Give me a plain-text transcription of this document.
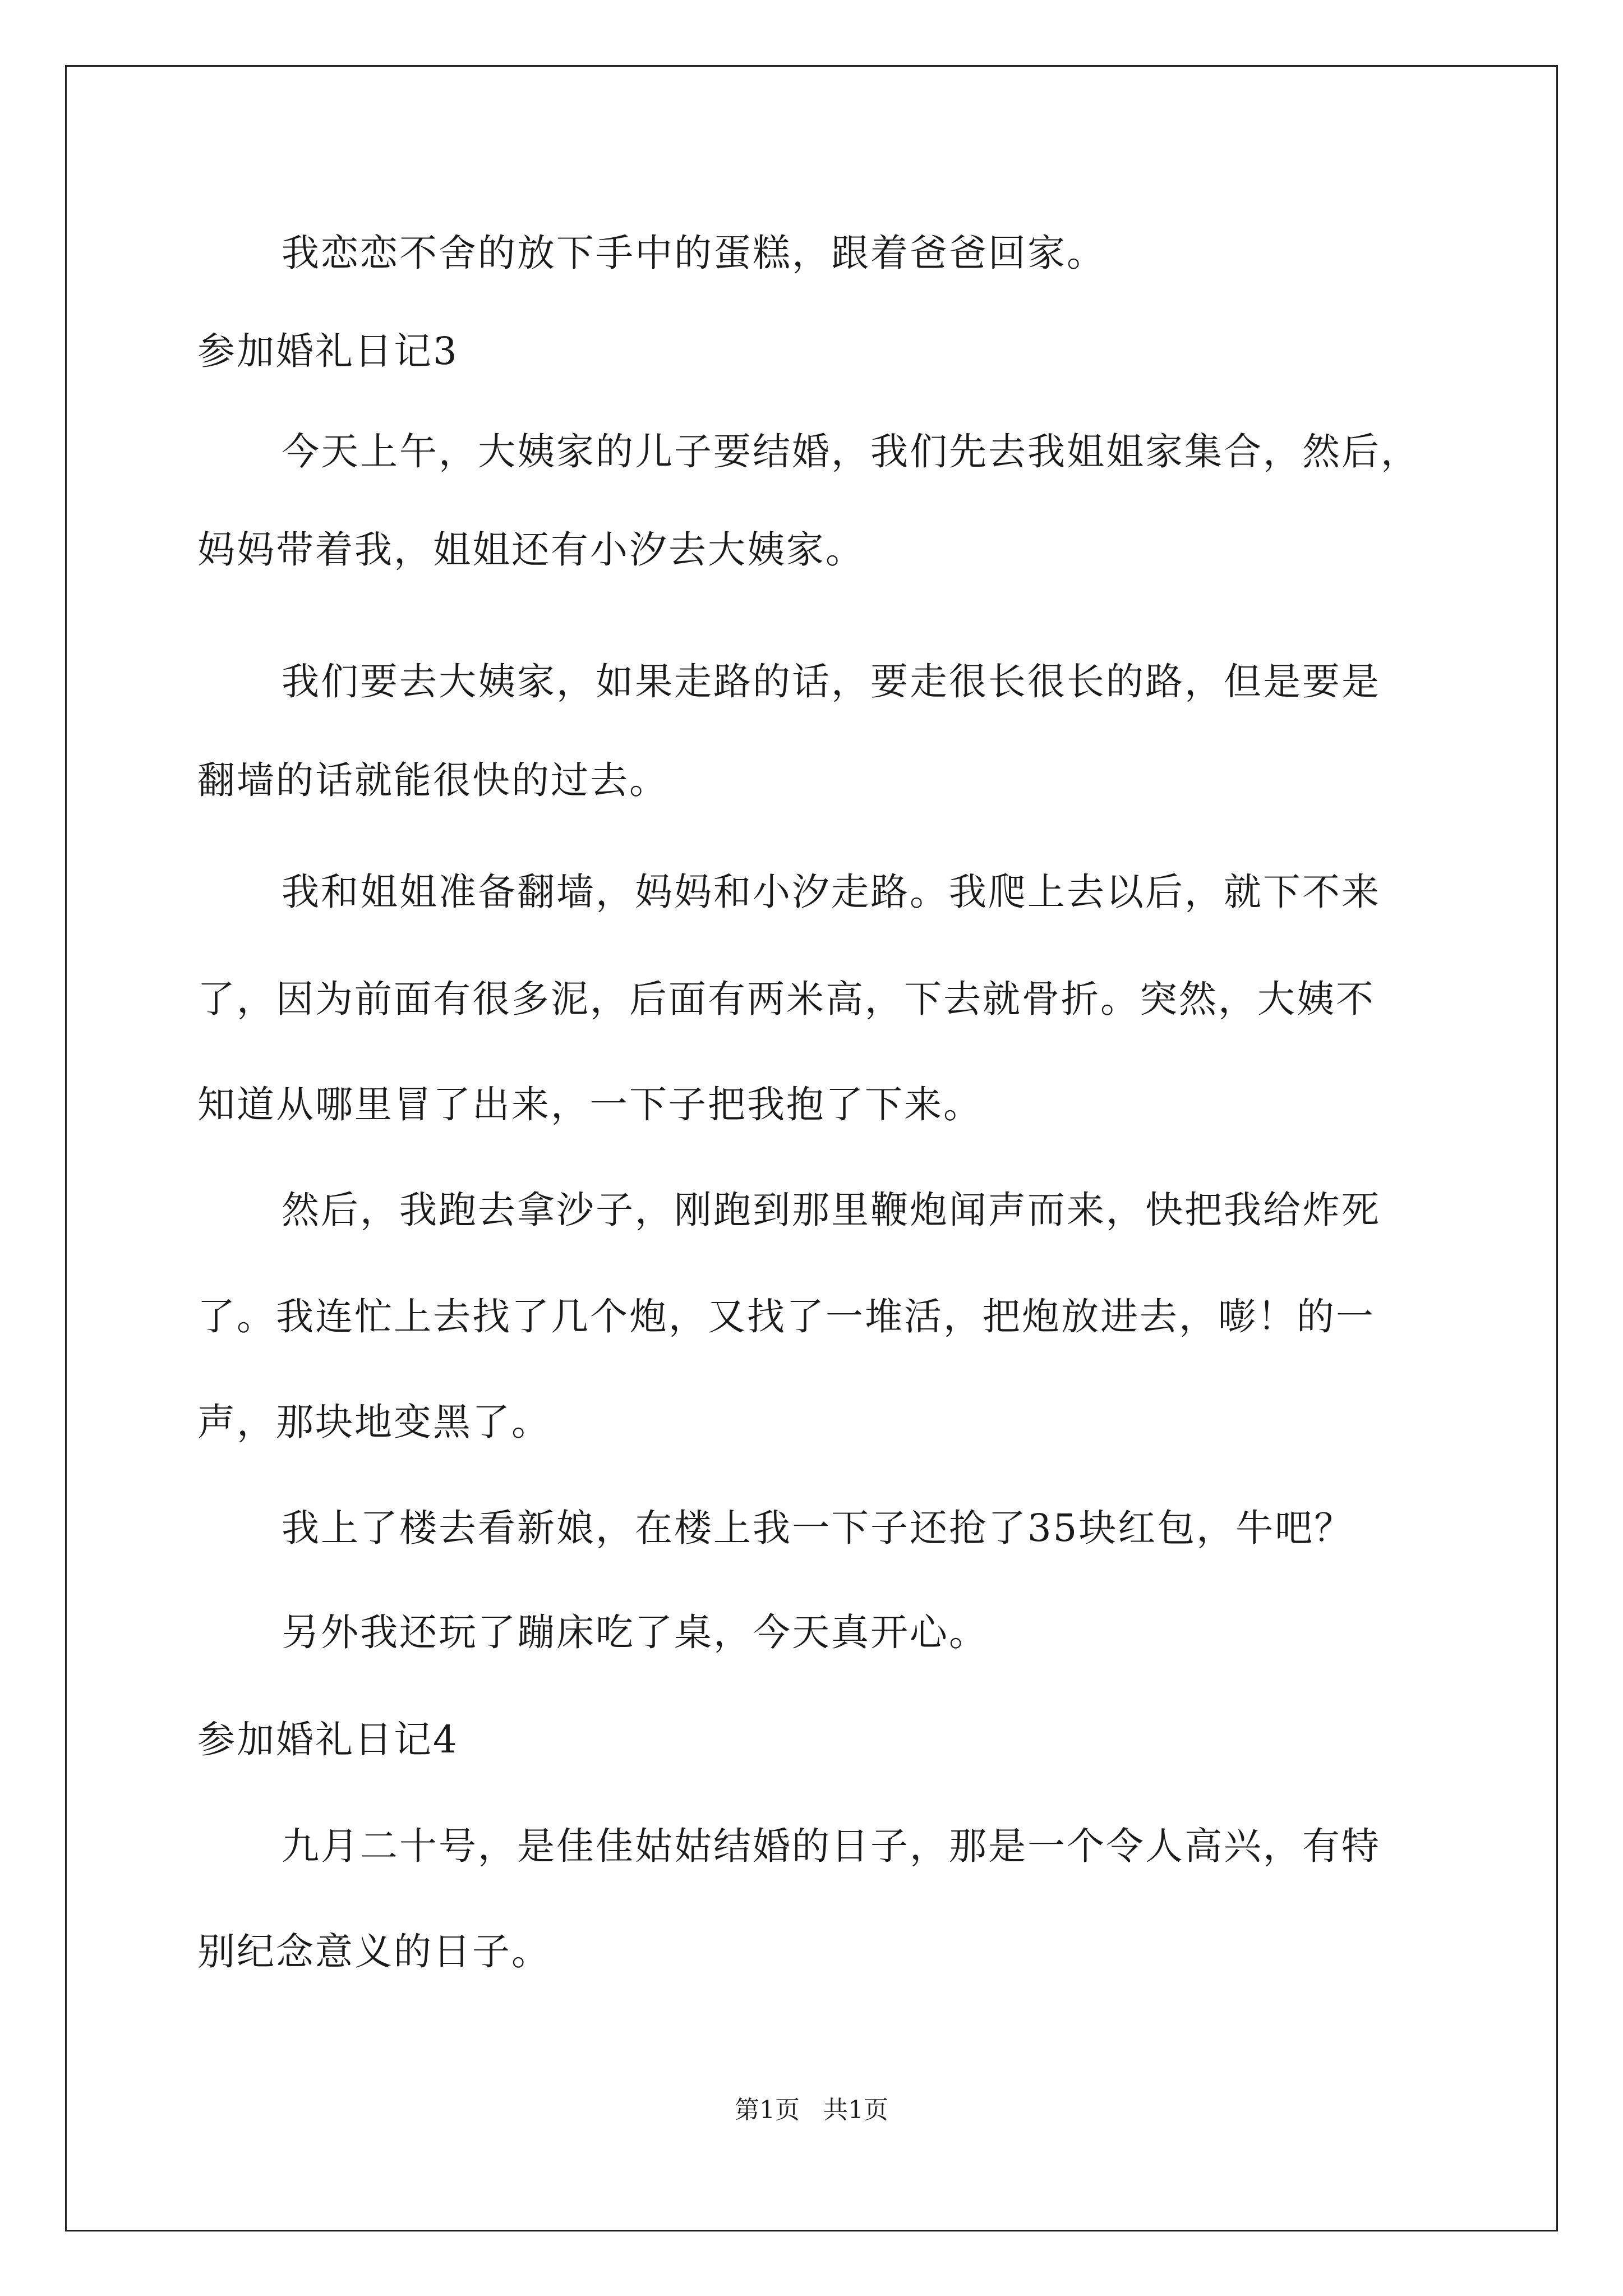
我恋恋不舍的放下手中的蛋糕，跟着爸爸回家。
参加婚礼日记3
今天上午，大姨家的儿子要结婚，我们先去我姐姐家集合，然后，
妈妈带着我，姐姐还有小汐去大姨家。
我们要去大姨家，如果走路的话，要走很长很长的路，但是要是
翻墙的话就能很快的过去。
我和姐姐准备翻墙，妈妈和小汐走路。我爬上去以后，就下不来
了，因为前面有很多泥，后面有两米高，下去就骨折。突然，大姨不
知道从哪里冒了出来，一下子把我抱了下来。
然后，我跑去拿沙子，刚跑到那里鞭炮闻声而来，快把我给炸死
了。我连忙上去找了几个炮，又找了一堆活，把炮放进去，嘭！的一
声，那块地变黑了。
我上了楼去看新娘，在楼上我一下子还抢了35块红包，牛吧？
另外我还玩了蹦床吃了桌，今天真开心。
参加婚礼日记4
九月二十号，是佳佳姑姑结婚的日子，那是一个令人高兴，有特
别纪念意义的日子。
第1页   共1页
